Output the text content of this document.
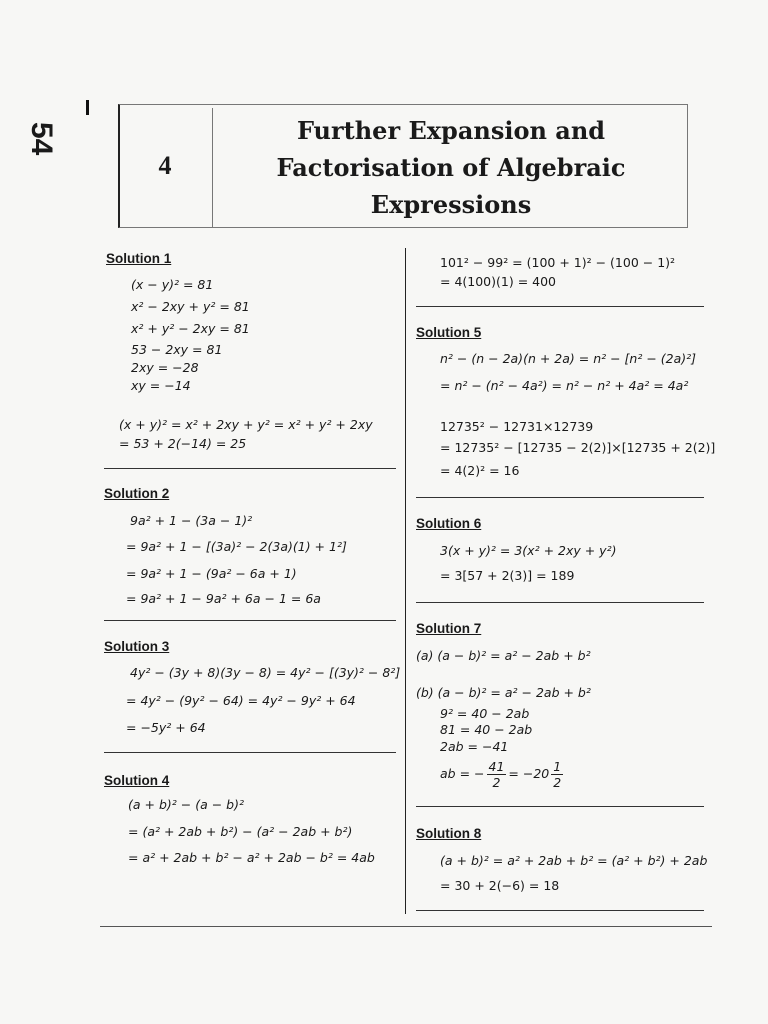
54
4
Further Expansion and
Factorisation of Algebraic
Expressions
Solution 1
(x − y)² = 81
x² − 2xy + y² = 81
x² + y² − 2xy = 81
53 − 2xy = 81
2xy = −28
xy = −14
(x + y)² = x² + 2xy + y² = x² + y² + 2xy
= 53 + 2(−14) = 25
Solution 2
9a² + 1 − (3a − 1)²
= 9a² + 1 − [(3a)² − 2(3a)(1) + 1²]
= 9a² + 1 − (9a² − 6a + 1)
= 9a² + 1 − 9a² + 6a − 1 = 6a
Solution 3
4y² − (3y + 8)(3y − 8) = 4y² − [(3y)² − 8²]
= 4y² − (9y² − 64) = 4y² − 9y² + 64
= −5y² + 64
Solution 4
(a + b)² − (a − b)²
= (a² + 2ab + b²) − (a² − 2ab + b²)
= a² + 2ab + b² − a² + 2ab − b² = 4ab
101² − 99² = (100 + 1)² − (100 − 1)²
= 4(100)(1) = 400
Solution 5
n² − (n − 2a)(n + 2a) = n² − [n² − (2a)²]
= n² − (n² − 4a²) = n² − n² + 4a² = 4a²
12735² − 12731×12739
= 12735² − [12735 − 2(2)]×[12735 + 2(2)]
= 4(2)² = 16
Solution 6
3(x + y)² = 3(x² + 2xy + y²)
= 3[57 + 2(3)] = 189
Solution 7
(a) (a − b)² = a² − 2ab + b²
(b) (a − b)² = a² − 2ab + b²
9² = 40 − 2ab
81 = 40 − 2ab
2ab = −41
ab = − $\frac{41}{2} = -20 \frac{1}{2}$
Solution 8
(a + b)² = a² + 2ab + b² = (a² + b²) + 2ab
= 30 + 2(−6) = 18
